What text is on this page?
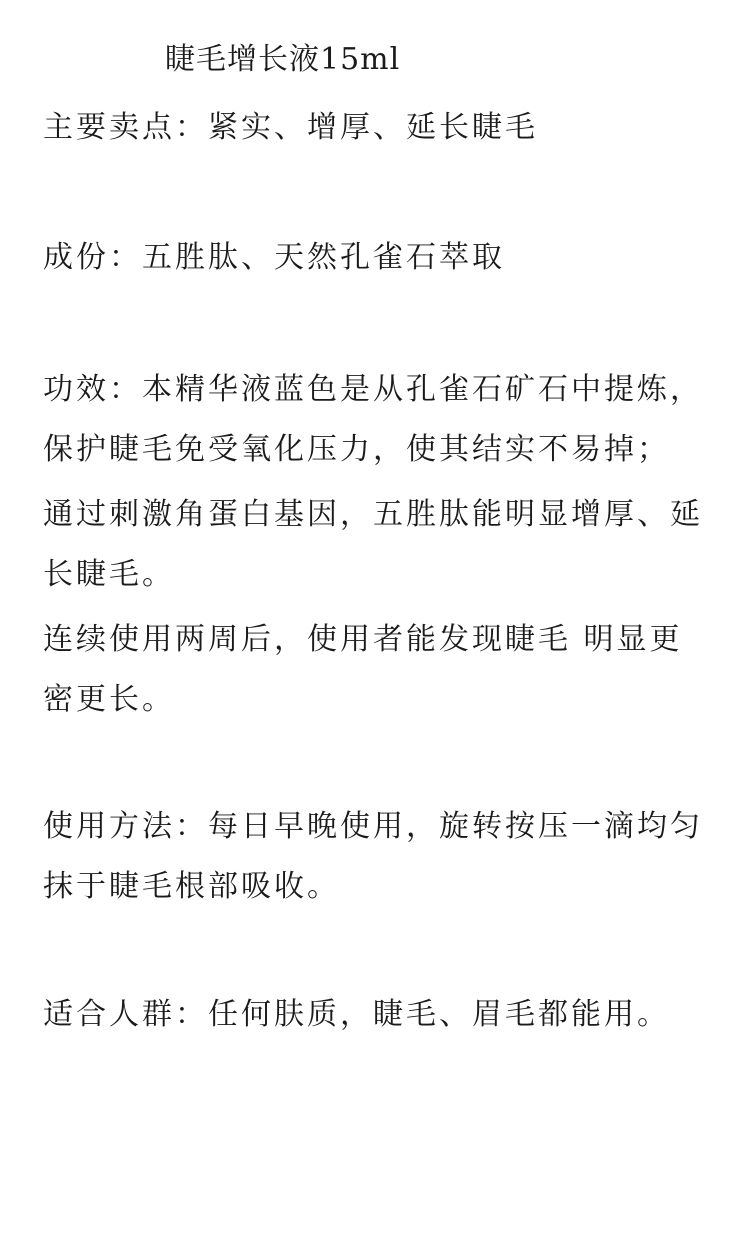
睫毛增长液15ml

主要卖点：紧实、增厚、延长睫毛

成份：五胜肽、天然孔雀石萃取

功效：本精华液蓝色是从孔雀石矿石中提炼，保护睫毛免受氧化压力，使其结实不易掉；

通过刺激角蛋白基因，五胜肽能明显增厚、延长睫毛。

连续使用两周后，使用者能发现睫毛 明显更密更长。

使用方法：每日早晚使用，旋转按压一滴均匀抹于睫毛根部吸收。

适合人群：任何肤质，睫毛、眉毛都能用。
